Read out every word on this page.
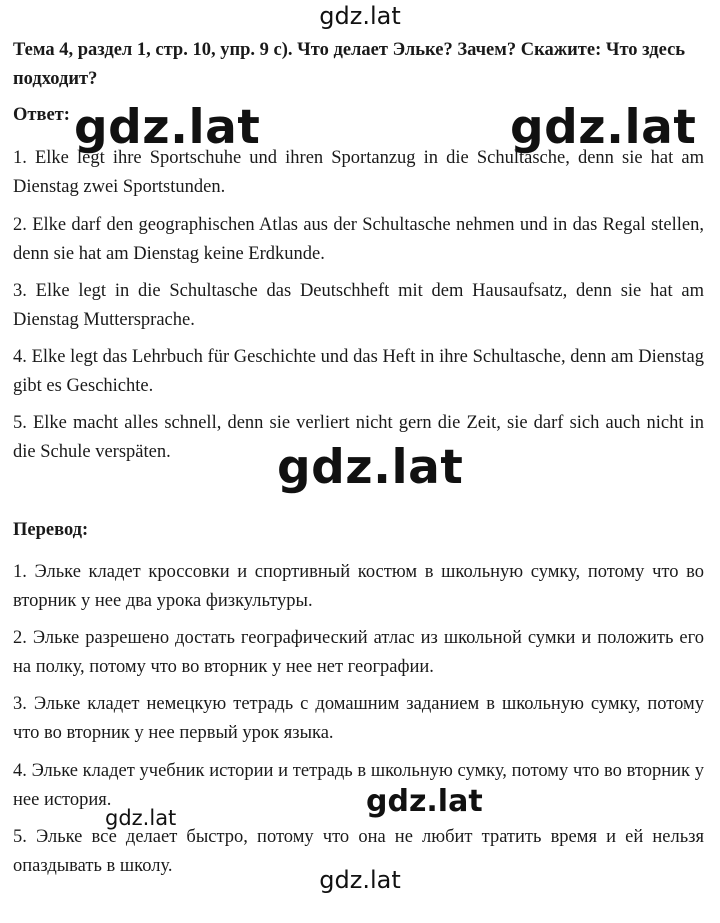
gdz.lat
Тема 4, раздел 1, стр. 10, упр. 9 с). Что делает Эльке? Зачем? Скажите: Что здесь подходит?
Ответ:
1. Elke legt ihre Sportschuhe und ihren Sportanzug in die Schultasche, denn sie hat am Dienstag zwei Sportstunden.
2. Elke darf den geographischen Atlas aus der Schultasche nehmen und in das Regal stellen, denn sie hat am Dienstag keine Erdkunde.
3. Elke legt in die Schultasche das Deutschheft mit dem Hausaufsatz, denn sie hat am Dienstag Muttersprache.
4. Elke legt das Lehrbuch für Geschichte und das Heft in ihre Schultasche, denn am Dienstag gibt es Geschichte.
5. Elke macht alles schnell, denn sie verliert nicht gern die Zeit, sie darf sich auch nicht in die Schule verspäten.
Перевод:
1. Эльке кладет кроссовки и спортивный костюм в школьную сумку, потому что во вторник у нее два урока физкультуры.
2. Эльке разрешено достать географический атлас из школьной сумки и положить его на полку, потому что во вторник у нее нет географии.
3. Эльке кладет немецкую тетрадь с домашним заданием в школьную сумку, потому что во вторник у нее первый урок языка.
4. Эльке кладет учебник истории и тетрадь в школьную сумку, потому что во вторник у нее история.
5. Эльке все делает быстро, потому что она не любит тратить время и ей нельзя опаздывать в школу.
gdz.lat	gdz.lat
gdz.lat
gdz.lat
gdz.lat
gdz.lat
